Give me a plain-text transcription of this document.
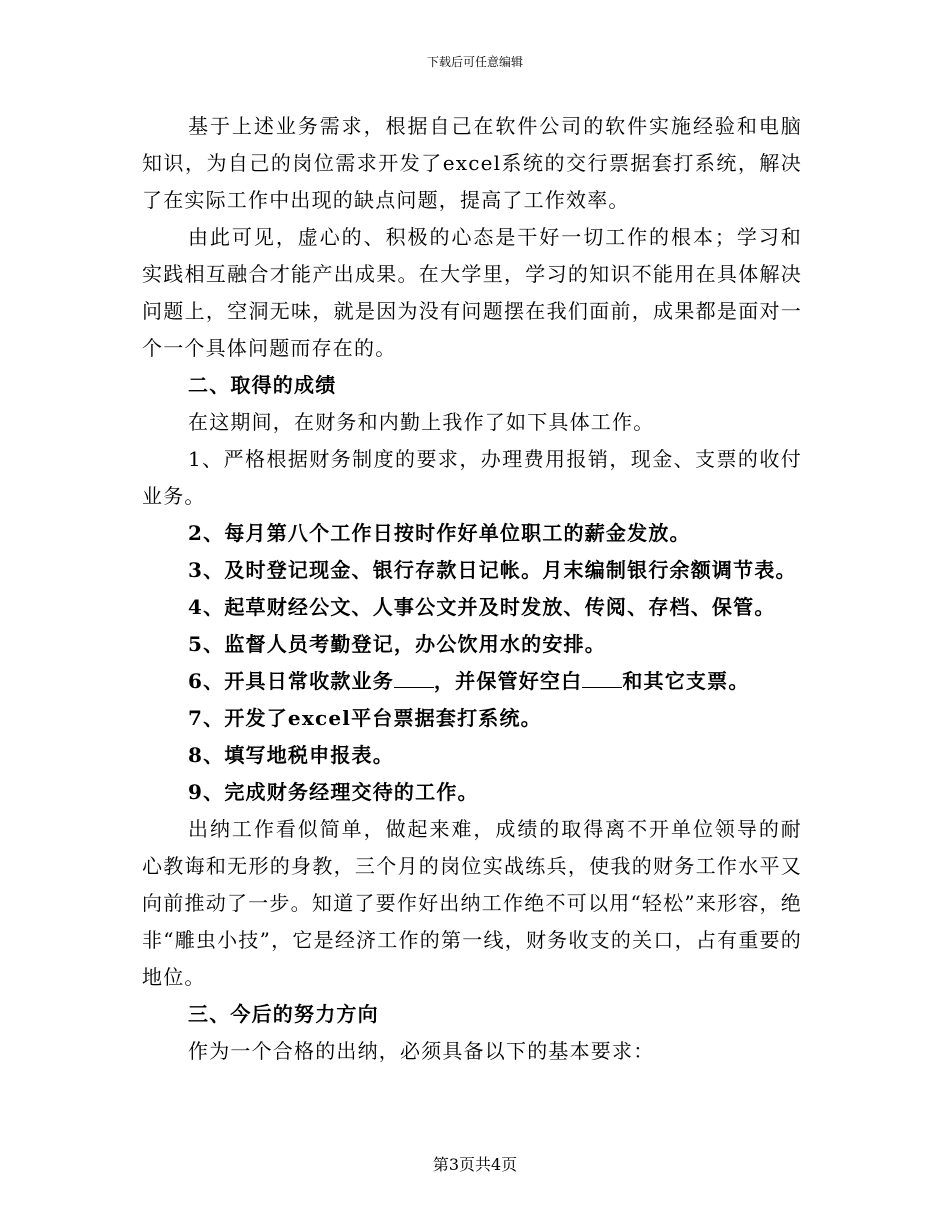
下载后可任意编辑

基于上述业务需求，根据自己在软件公司的软件实施经验和电脑知识，为自己的岗位需求开发了excel系统的交行票据套打系统，解决了在实际工作中出现的缺点问题，提高了工作效率。

由此可见，虚心的、积极的心态是干好一切工作的根本；学习和实践相互融合才能产出成果。在大学里，学习的知识不能用在具体解决问题上，空洞无味，就是因为没有问题摆在我们面前，成果都是面对一个一个具体问题而存在的。

二、取得的成绩

在这期间，在财务和内勤上我作了如下具体工作。

1、严格根据财务制度的要求，办理费用报销，现金、支票的收付业务。

2、每月第八个工作日按时作好单位职工的薪金发放。

3、及时登记现金、银行存款日记帐。月末编制银行余额调节表。

4、起草财经公文、人事公文并及时发放、传阅、存档、保管。

5、监督人员考勤登记，办公饮用水的安排。

6、开具日常收款业务 ，并保管好空白 和其它支票。

7、开发了excel平台票据套打系统。

8、填写地税申报表。

9、完成财务经理交待的工作。

出纳工作看似简单，做起来难，成绩的取得离不开单位领导的耐心教诲和无形的身教，三个月的岗位实战练兵，使我的财务工作水平又向前推动了一步。知道了要作好出纳工作绝不可以用“轻松”来形容，绝非“雕虫小技”，它是经济工作的第一线，财务收支的关口，占有重要的地位。

三、今后的努力方向

作为一个合格的出纳，必须具备以下的基本要求：

第3页共4页
